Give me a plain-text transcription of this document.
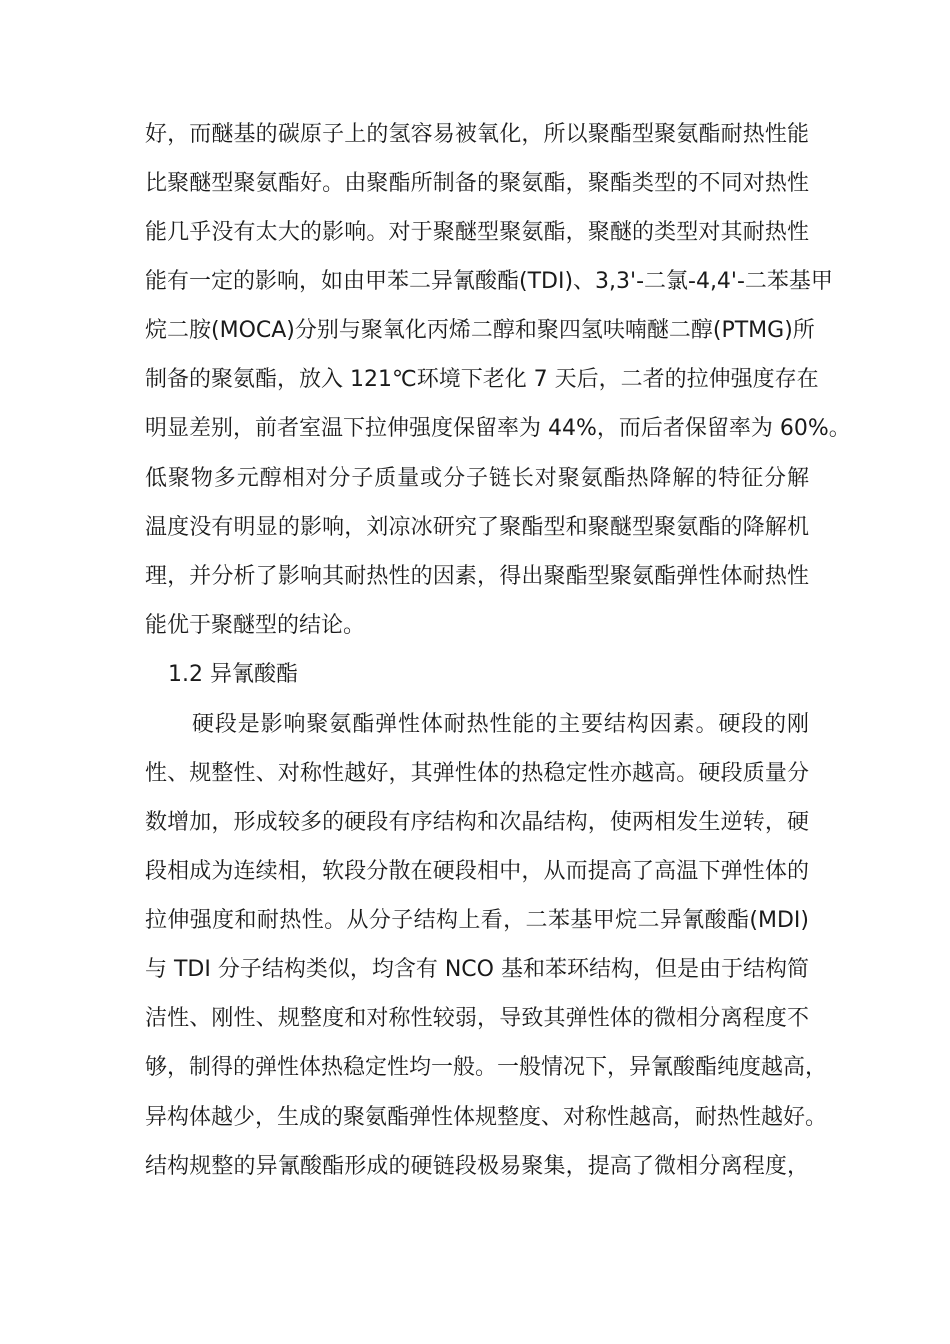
好，而醚基的碳原子上的氢容易被氧化，所以聚酯型聚氨酯耐热性能
比聚醚型聚氨酯好。由聚酯所制备的聚氨酯，聚酯类型的不同对热性
能几乎没有太大的影响。对于聚醚型聚氨酯，聚醚的类型对其耐热性
能有一定的影响，如由甲苯二异氰酸酯(TDI)、3,3'-二氯-4,4'-二苯基甲
烷二胺(MOCA)分别与聚氧化丙烯二醇和聚四氢呋喃醚二醇(PTMG)所
制备的聚氨酯，放入 121℃环境下老化 7 天后，二者的拉伸强度存在
明显差别，前者室温下拉伸强度保留率为 44%，而后者保留率为 60%。
低聚物多元醇相对分子质量或分子链长对聚氨酯热降解的特征分解
温度没有明显的影响，刘凉冰研究了聚酯型和聚醚型聚氨酯的降解机
理，并分析了影响其耐热性的因素，得出聚酯型聚氨酯弹性体耐热性
能优于聚醚型的结论。
1.2 异氰酸酯
硬段是影响聚氨酯弹性体耐热性能的主要结构因素。硬段的刚
性、规整性、对称性越好，其弹性体的热稳定性亦越高。硬段质量分
数增加，形成较多的硬段有序结构和次晶结构，使两相发生逆转，硬
段相成为连续相，软段分散在硬段相中，从而提高了高温下弹性体的
拉伸强度和耐热性。从分子结构上看，二苯基甲烷二异氰酸酯(MDI)
与 TDI 分子结构类似，均含有 NCO 基和苯环结构，但是由于结构简
洁性、刚性、规整度和对称性较弱，导致其弹性体的微相分离程度不
够，制得的弹性体热稳定性均一般。一般情况下，异氰酸酯纯度越高，
异构体越少，生成的聚氨酯弹性体规整度、对称性越高，耐热性越好。
结构规整的异氰酸酯形成的硬链段极易聚集，提高了微相分离程度，
